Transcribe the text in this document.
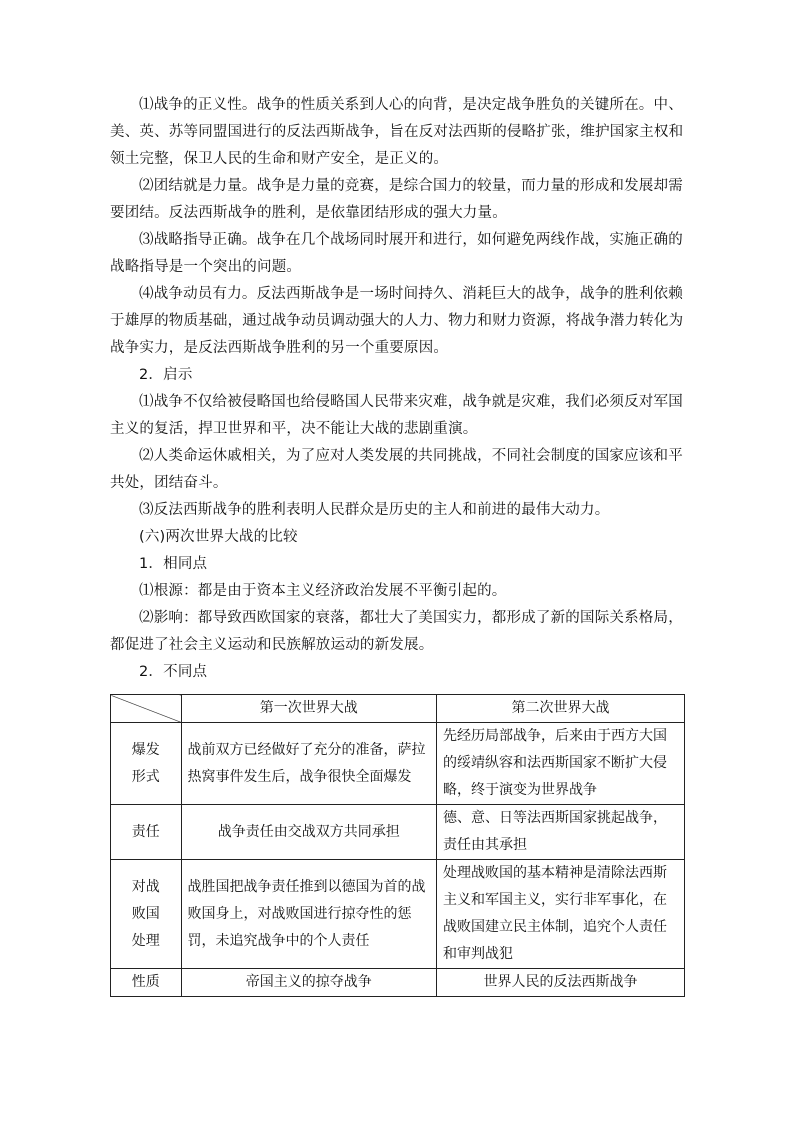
⑴战争的正义性。战争的性质关系到人心的向背，是决定战争胜负的关键所在。中、美、英、苏等同盟国进行的反法西斯战争，旨在反对法西斯的侵略扩张，维护国家主权和领土完整，保卫人民的生命和财产安全，是正义的。

⑵团结就是力量。战争是力量的竞赛，是综合国力的较量，而力量的形成和发展却需要团结。反法西斯战争的胜利，是依靠团结形成的强大力量。

⑶战略指导正确。战争在几个战场同时展开和进行，如何避免两线作战，实施正确的战略指导是一个突出的问题。

⑷战争动员有力。反法西斯战争是一场时间持久、消耗巨大的战争，战争的胜利依赖于雄厚的物质基础，通过战争动员调动强大的人力、物力和财力资源，将战争潜力转化为战争实力，是反法西斯战争胜利的另一个重要原因。

2．启示

⑴战争不仅给被侵略国也给侵略国人民带来灾难，战争就是灾难，我们必须反对军国主义的复活，捍卫世界和平，决不能让大战的悲剧重演。

⑵人类命运休戚相关，为了应对人类发展的共同挑战，不同社会制度的国家应该和平共处，团结奋斗。

⑶反法西斯战争的胜利表明人民群众是历史的主人和前进的最伟大动力。

(六)两次世界大战的比较

1．相同点

⑴根源：都是由于资本主义经济政治发展不平衡引起的。

⑵影响：都导致西欧国家的衰落，都壮大了美国实力，都形成了新的国际关系格局，都促进了社会主义运动和民族解放运动的新发展。

2．不同点

	第一次世界大战	第二次世界大战
爆发
形式	战前双方已经做好了充分的准备，萨拉热窝事件发生后，战争很快全面爆发	先经历局部战争，后来由于西方大国的绥靖纵容和法西斯国家不断扩大侵略，终于演变为世界战争
责任	战争责任由交战双方共同承担	德、意、日等法西斯国家挑起战争，责任由其承担
对战
败国
处理	战胜国把战争责任推到以德国为首的战败国身上，对战败国进行掠夺性的惩罚，未追究战争中的个人责任	处理战败国的基本精神是清除法西斯主义和军国主义，实行非军事化，在战败国建立民主体制，追究个人责任和审判战犯
性质	帝国主义的掠夺战争	世界人民的反法西斯战争
